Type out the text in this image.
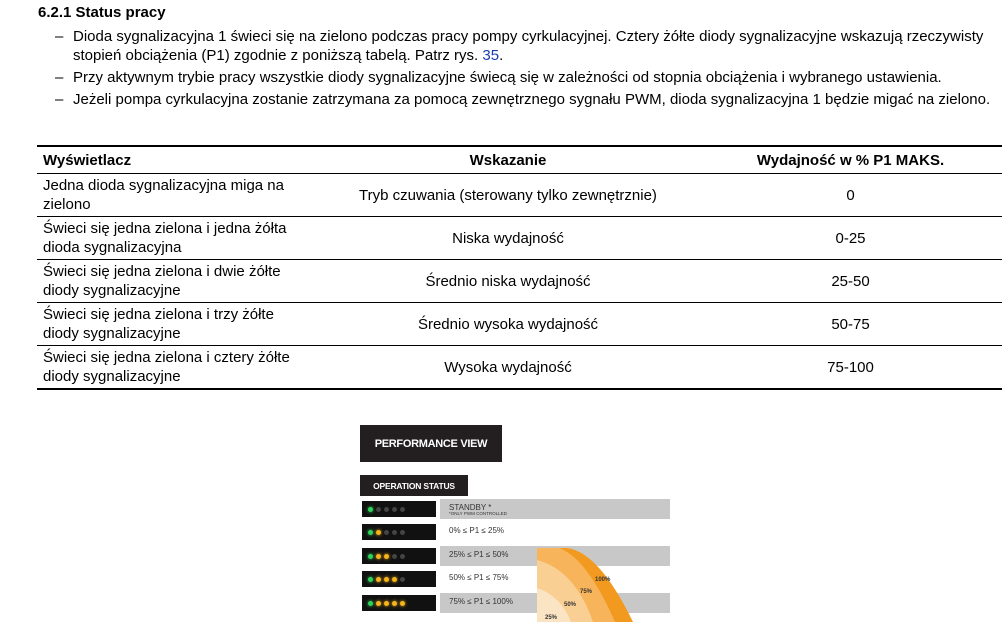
6.2.1 Status pracy
– Dioda sygnalizacyjna 1 świeci się na zielono podczas pracy pompy cyrkulacyjnej. Cztery żółte diody sygnalizacyjne wskazują rzeczywisty stopień obciążenia (P1) zgodnie z poniższą tabelą. Patrz rys. 35.
– Przy aktywnym trybie pracy wszystkie diody sygnalizacyjne świecą się w zależności od stopnia obciążenia i wybranego ustawienia.
– Jeżeli pompa cyrkulacyjna zostanie zatrzymana za pomocą zewnętrznego sygnału PWM, dioda sygnalizacyjna 1 będzie migać na zielono.
Wyświetlacz	Wskazanie	Wydajność w % P1 MAKS.
Jedna dioda sygnalizacyjna miga na zielono	Tryb czuwania (sterowany tylko zewnętrznie)	0
Świeci się jedna zielona i jedna żółta dioda sygnalizacyjna	Niska wydajność	0-25
Świeci się jedna zielona i dwie żółte diody sygnalizacyjne	Średnio niska wydajność	25-50
Świeci się jedna zielona i trzy żółte diody sygnalizacyjne	Średnio wysoka wydajność	50-75
Świeci się jedna zielona i cztery żółte diody sygnalizacyjne	Wysoka wydajność	75-100
PERFORMANCE VIEW
OPERATION STATUS
STANDBY *
*ONLY PWM CONTROLLED
0% ≤ P1 ≤ 25%
25% ≤ P1 ≤ 50%
50% ≤ P1 ≤ 75%
75% ≤ P1 ≤ 100%
25%
50%
75%
100%
